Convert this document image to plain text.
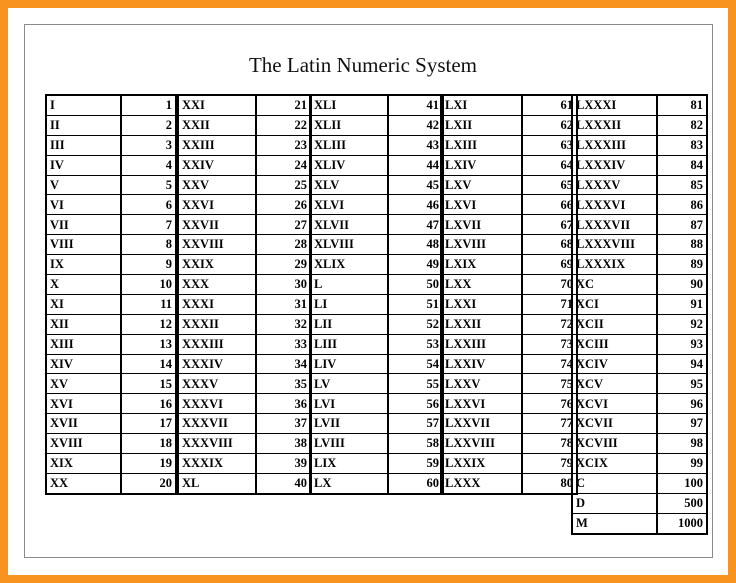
The Latin Numeric System
I	1
II	2
III	3
IV	4
V	5
VI	6
VII	7
VIII	8
IX	9
X	10
XI	11
XII	12
XIII	13
XIV	14
XV	15
XVI	16
XVII	17
XVIII	18
XIX	19
XX	20
XXI	21
XXII	22
XXIII	23
XXIV	24
XXV	25
XXVI	26
XXVII	27
XXVIII	28
XXIX	29
XXX	30
XXXI	31
XXXII	32
XXXIII	33
XXXIV	34
XXXV	35
XXXVI	36
XXXVII	37
XXXVIII	38
XXXIX	39
XL	40
XLI	41
XLII	42
XLIII	43
XLIV	44
XLV	45
XLVI	46
XLVII	47
XLVIII	48
XLIX	49
L	50
LI	51
LII	52
LIII	53
LIV	54
LV	55
LVI	56
LVII	57
LVIII	58
LIX	59
LX	60
LXI	61
LXII	62
LXIII	63
LXIV	64
LXV	65
LXVI	66
LXVII	67
LXVIII	68
LXIX	69
LXX	70
LXXI	71
LXXII	72
LXXIII	73
LXXIV	74
LXXV	75
LXXVI	76
LXXVII	77
LXXVIII	78
LXXIX	79
LXXX	80
LXXXI	81
LXXXII	82
LXXXIII	83
LXXXIV	84
LXXXV	85
LXXXVI	86
LXXXVII	87
LXXXVIII	88
LXXXIX	89
XC	90
XCI	91
XCII	92
XCIII	93
XCIV	94
XCV	95
XCVI	96
XCVII	97
XCVIII	98
XCIX	99
C	100
D	500
M	1000
